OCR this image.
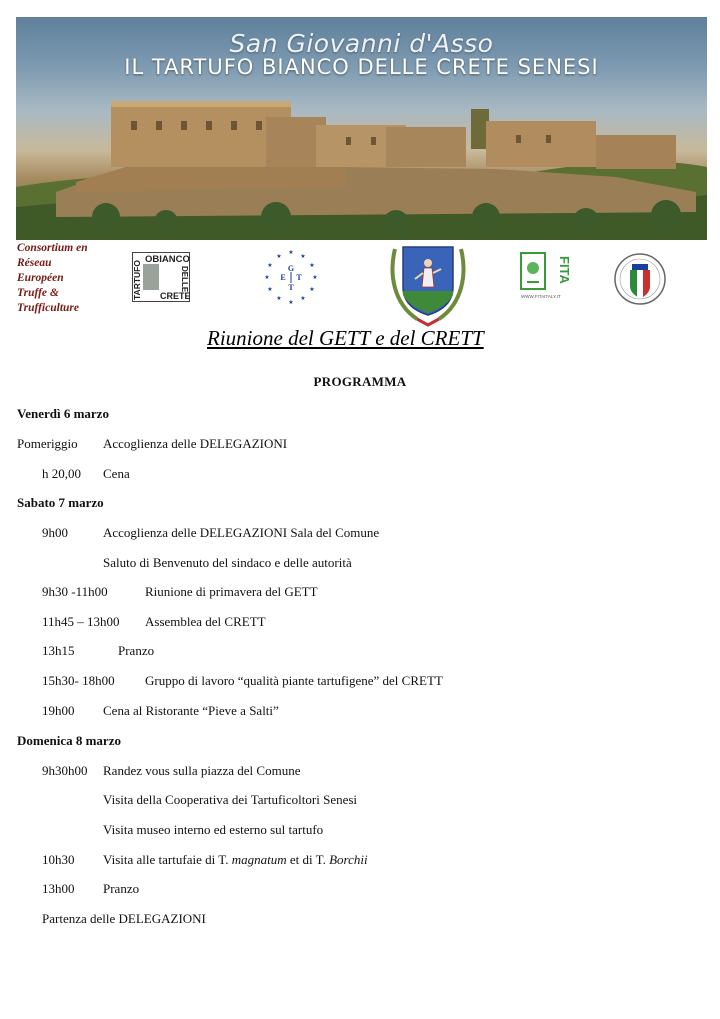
San Giovanni d'Asso
IL TARTUFO BIANCO DELLE CRETE SENESI
Consortium en
Réseau
Européen
Truffe &
Trufficulture
TARTUFO
OBIANCO
DELLE
CRETE
★
★
★
★
★
★
★
★
★
★
★
★
G
E T
T
FITA
WWW.FITAITALY.IT
Riunione del GETT e del CRETT
PROGRAMMA
Venerdì 6 marzo
Pomeriggio Accoglienza delle DELEGAZIONI
h 20,00 Cena
Sabato 7 marzo
9h00	Accoglienza delle DELEGAZIONI Sala del Comune
Saluto di Benvenuto del sindaco e delle autorità
9h30 -11h00	Riunione di primavera del GETT
11h45 – 13h00 Assemblea del CRETT
13h15	Pranzo
15h30- 18h00 Gruppo di lavoro “qualità piante tartufigene” del CRETT
19h00 Cena al Ristorante “Pieve a Salti”
Domenica 8 marzo
9h30h00 Randez vous sulla piazza del Comune
Visita della Cooperativa dei Tartuficoltori Senesi
Visita museo interno ed esterno sul tartufo
10h30 Visita alle tartufaie di T. magnatum et di T. Borchii
13h00 Pranzo
Partenza delle DELEGAZIONI
